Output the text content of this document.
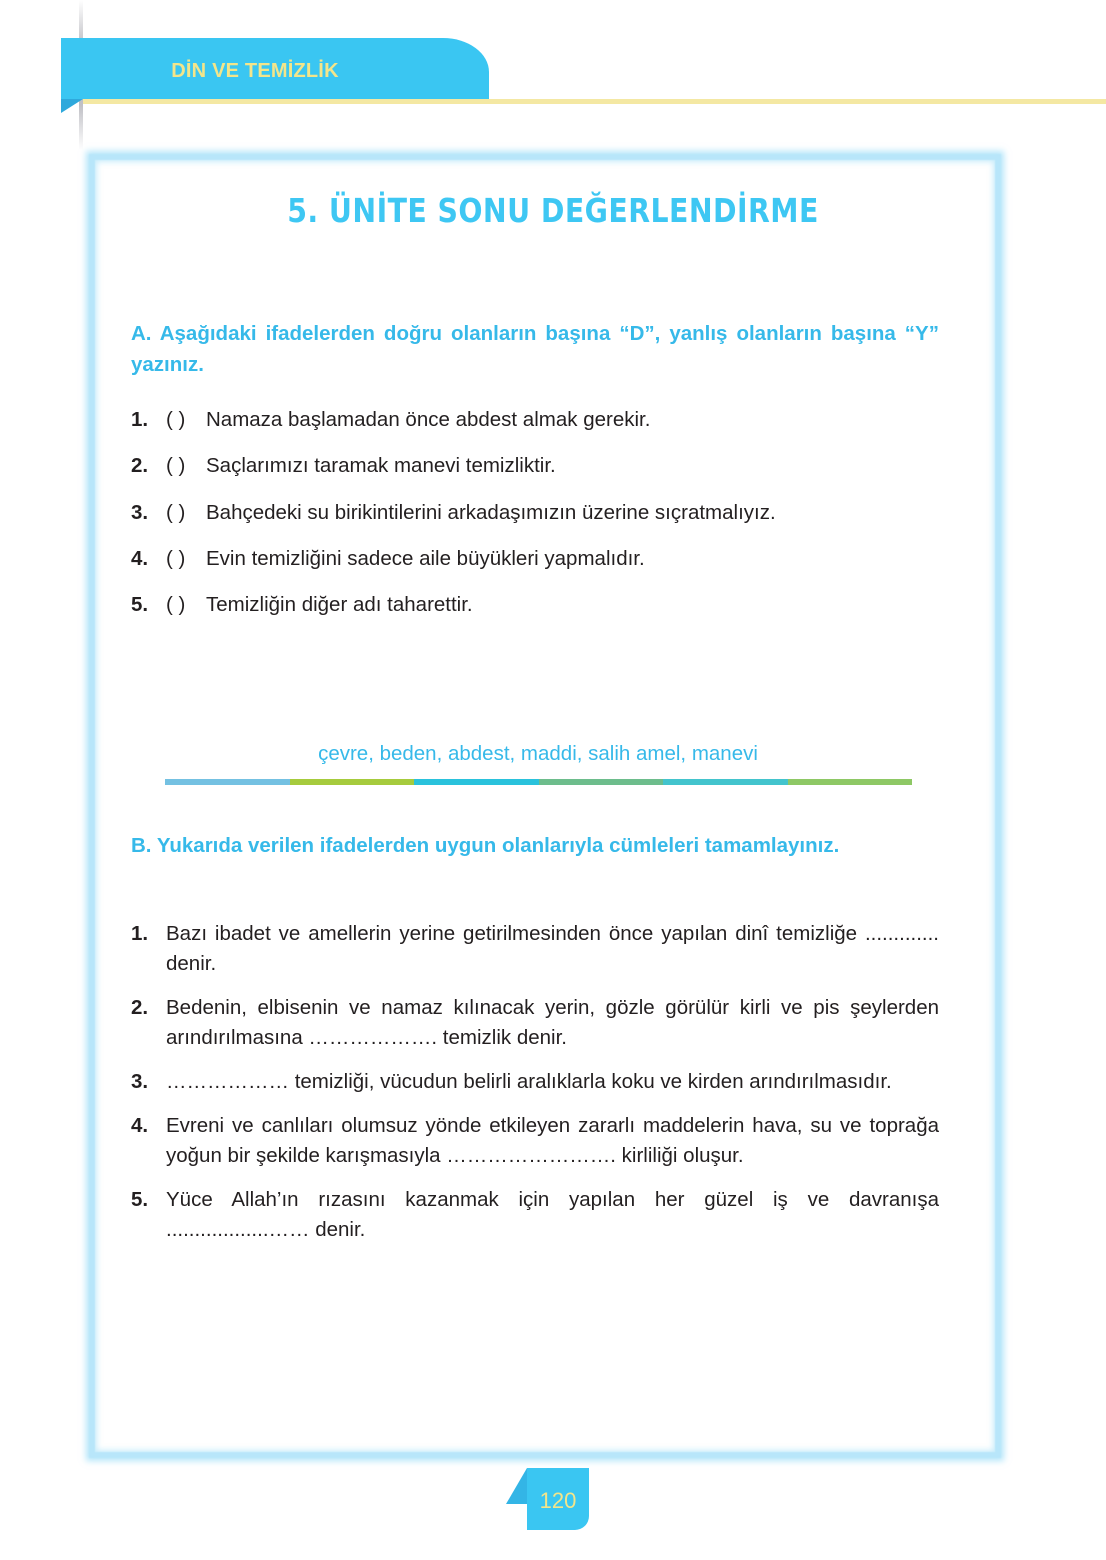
DİN VE TEMİZLİK
5. ÜNİTE SONU DEĞERLENDİRME
A. Aşağıdaki ifadelerden doğru olanların başına “D”, yanlış olanların başına “Y” yazınız.
1. ( ) Namaza başlamadan önce abdest almak gerekir.
2. ( ) Saçlarımızı taramak manevi temizliktir.
3. ( ) Bahçedeki su birikintilerini arkadaşımızın üzerine sıçratmalıyız.
4. ( ) Evin temizliğini sadece aile büyükleri yapmalıdır.
5. ( ) Temizliğin diğer adı taharettir.
çevre, beden, abdest, maddi, salih amel, manevi
B. Yukarıda verilen ifadelerden uygun olanlarıyla cümleleri tamamlayınız.
1. Bazı ibadet ve amellerin yerine getirilmesinden önce yapılan dinî temizliğe ............. denir.
2. Bedenin, elbisenin ve namaz kılınacak yerin, gözle görülür kirli ve pis şeylerden arındırılmasına ………………. temizlik denir.
3. ……………… temizliği, vücudun belirli aralıklarla koku ve kirden arındırılmasıdır.
4. Evreni ve canlıları olumsuz yönde etkileyen zararlı maddelerin hava, su ve toprağa yoğun bir şekilde karışmasıyla ……………………. kirliliği oluşur.
5. Yüce Allah’ın rızasını kazanmak için yapılan her güzel iş ve davranışa ..................…… denir.
120
